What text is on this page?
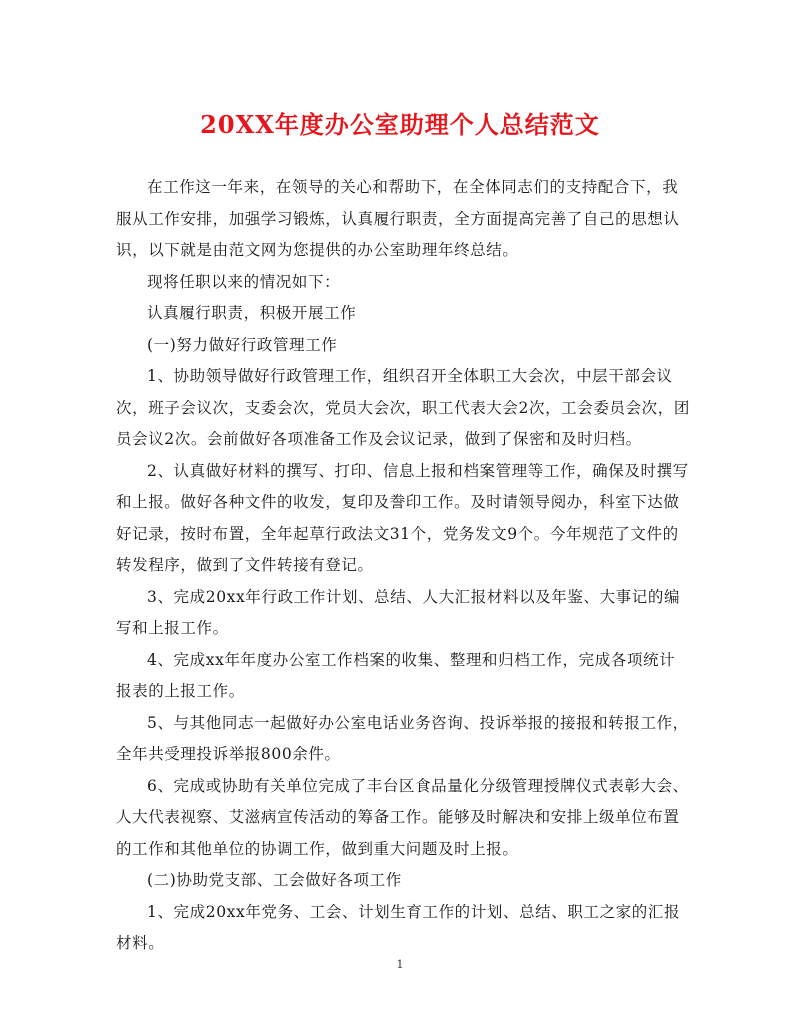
20XX年度办公室助理个人总结范文

在工作这一年来，在领导的关心和帮助下，在全体同志们的支持配合下，我服从工作安排，加强学习锻炼，认真履行职责，全方面提高完善了自己的思想认识，以下就是由范文网为您提供的办公室助理年终总结。

现将任职以来的情况如下：

认真履行职责，积极开展工作

(一)努力做好行政管理工作

1、协助领导做好行政管理工作，组织召开全体职工大会次，中层干部会议次，班子会议次，支委会次，党员大会次，职工代表大会2次，工会委员会次，团员会议2次。会前做好各项准备工作及会议记录，做到了保密和及时归档。

2、认真做好材料的撰写、打印、信息上报和档案管理等工作，确保及时撰写和上报。做好各种文件的收发，复印及誊印工作。及时请领导阅办，科室下达做好记录，按时布置，全年起草行政法文31个，党务发文9个。今年规范了文件的转发程序，做到了文件转接有登记。

3、完成20xx年行政工作计划、总结、人大汇报材料以及年鉴、大事记的编写和上报工作。

4、完成xx年年度办公室工作档案的收集、整理和归档工作，完成各项统计报表的上报工作。

5、与其他同志一起做好办公室电话业务咨询、投诉举报的接报和转报工作，全年共受理投诉举报800余件。

6、完成或协助有关单位完成了丰台区食品量化分级管理授牌仪式表彰大会、人大代表视察、艾滋病宣传活动的筹备工作。能够及时解决和安排上级单位布置的工作和其他单位的协调工作，做到重大问题及时上报。

(二)协助党支部、工会做好各项工作

1、完成20xx年党务、工会、计划生育工作的计划、总结、职工之家的汇报材料。

1
